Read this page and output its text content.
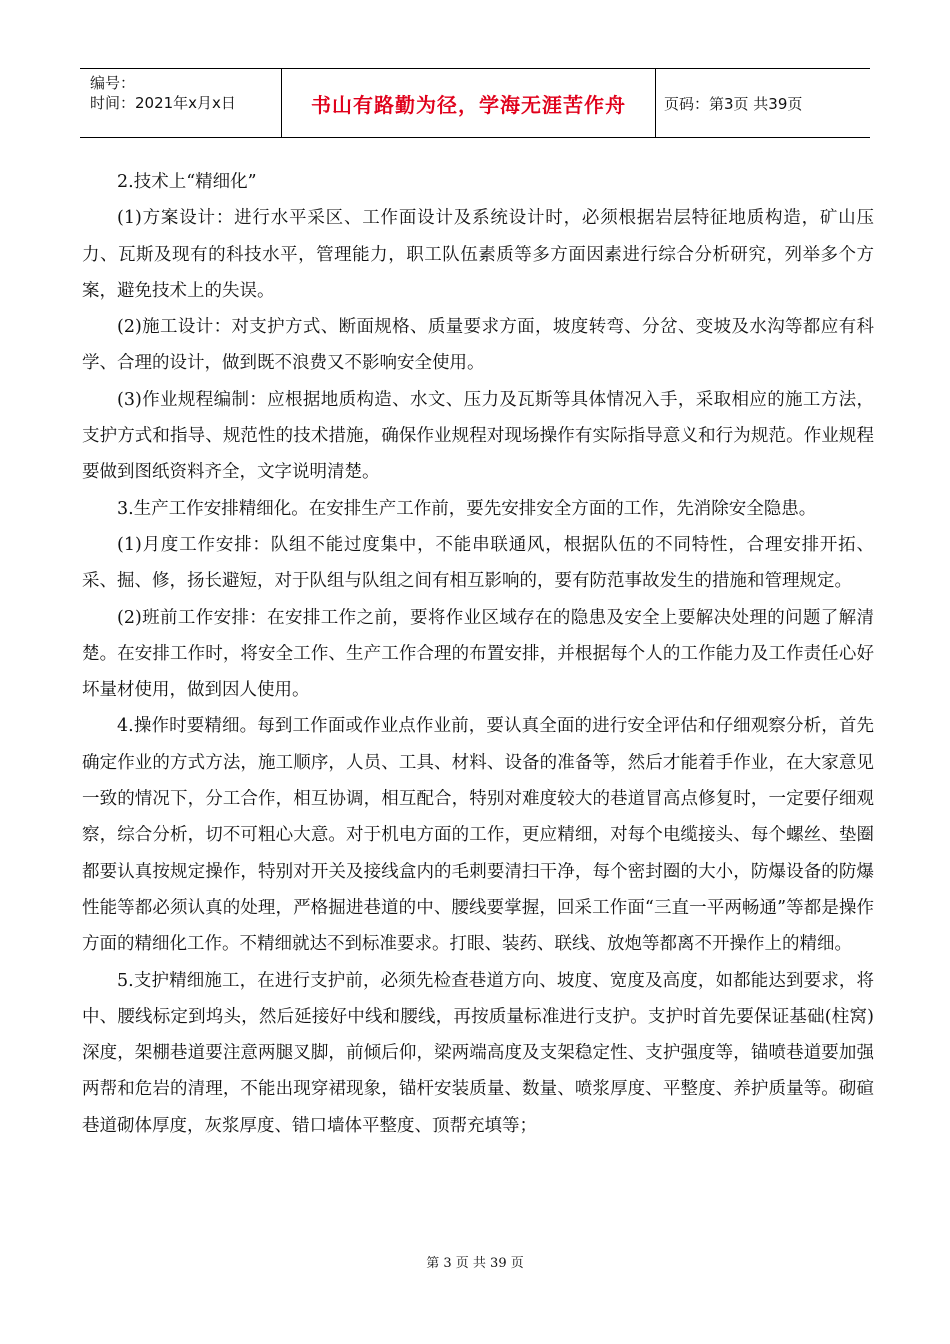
编号：
时间：2021年x月x日	书山有路勤为径，学海无涯苦作舟	页码：第3页 共39页

2.技术上“精细化”

(1)方案设计：进行水平采区、工作面设计及系统设计时，必须根据岩层特征地质构造，矿山压力、瓦斯及现有的科技水平，管理能力，职工队伍素质等多方面因素进行综合分析研究，列举多个方案，避免技术上的失误。

(2)施工设计：对支护方式、断面规格、质量要求方面，坡度转弯、分岔、变坡及水沟等都应有科学、合理的设计，做到既不浪费又不影响安全使用。

(3)作业规程编制：应根据地质构造、水文、压力及瓦斯等具体情况入手，采取相应的施工方法，支护方式和指导、规范性的技术措施，确保作业规程对现场操作有实际指导意义和行为规范。作业规程要做到图纸资料齐全，文字说明清楚。

3.生产工作安排精细化。在安排生产工作前，要先安排安全方面的工作，先消除安全隐患。

(1)月度工作安排：队组不能过度集中，不能串联通风，根据队伍的不同特性，合理安排开拓、采、掘、修，扬长避短，对于队组与队组之间有相互影响的，要有防范事故发生的措施和管理规定。

(2)班前工作安排：在安排工作之前，要将作业区域存在的隐患及安全上要解决处理的问题了解清楚。在安排工作时，将安全工作、生产工作合理的布置安排，并根据每个人的工作能力及工作责任心好坏量材使用，做到因人使用。

4.操作时要精细。每到工作面或作业点作业前，要认真全面的进行安全评估和仔细观察分析，首先确定作业的方式方法，施工顺序，人员、工具、材料、设备的准备等，然后才能着手作业，在大家意见一致的情况下，分工合作，相互协调，相互配合，特别对难度较大的巷道冒高点修复时，一定要仔细观察，综合分析，切不可粗心大意。对于机电方面的工作，更应精细，对每个电缆接头、每个螺丝、垫圈都要认真按规定操作，特别对开关及接线盒内的毛刺要清扫干净，每个密封圈的大小，防爆设备的防爆性能等都必须认真的处理，严格掘进巷道的中、腰线要掌握，回采工作面“三直一平两畅通”等都是操作方面的精细化工作。不精细就达不到标准要求。打眼、装药、联线、放炮等都离不开操作上的精细。

5.支护精细施工，在进行支护前，必须先检查巷道方向、坡度、宽度及高度，如都能达到要求，将中、腰线标定到坞头，然后延接好中线和腰线，再按质量标准进行支护。支护时首先要保证基础(柱窝)深度，架棚巷道要注意两腿叉脚，前倾后仰，梁两端高度及支架稳定性、支护强度等，锚喷巷道要加强两帮和危岩的清理，不能出现穿裙现象，锚杆安装质量、数量、喷浆厚度、平整度、养护质量等。砌碹巷道砌体厚度，灰浆厚度、错口墙体平整度、顶帮充填等；

第 3 页 共 39 页
